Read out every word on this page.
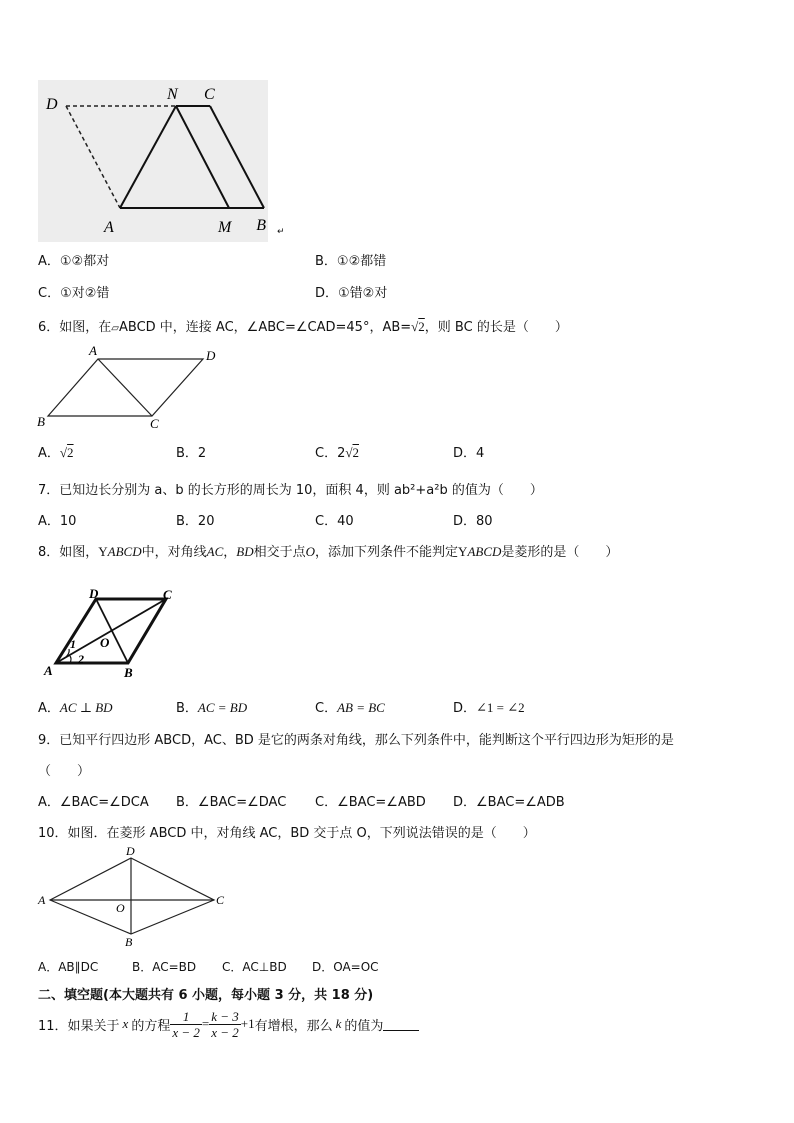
D
N C
A	M B ↵
A．①②都对	B．①②都错
C．①对②错	D．①错②对
6．如图，在▱ABCD 中，连接 AC，∠ABC=∠CAD=45°，AB=√2，则 BC 的长是（　　）
A	D
B	C
A．√2	B．2	C．2√2	D．4
7．已知边长分别为 a、b 的长方形的周长为 10，面积 4，则 ab²+a²b 的值为（　　）
A．10	B．20	C．40	D．80
8．如图，YABCD中，对角线AC，BD相交于点O，添加下列条件不能判定YABCD是菱形的是（　　）
D	C
O
1
2
A	B
A．AC ⊥ BD	B．AC = BD	C．AB = BC	D．∠1 = ∠2
9．已知平行四边形 ABCD，AC、BD 是它的两条对角线，那么下列条件中，能判断这个平行四边形为矩形的是
（　　）
A．∠BAC=∠DCA B．∠BAC=∠DAC C．∠BAC=∠ABD D．∠BAC=∠ADB
10．如图．在菱形 ABCD 中，对角线 AC，BD 交于点 O，下列说法错误的是（　　）
D
A
O
C
B
A．AB∥DC	B．AC=BD C．AC⊥BD D．OA=OC
二、填空题(本大题共有 6 小题，每小题 3 分，共 18 分)
11．如果关于 x 的方程 $\frac{1}{x - 2} = \frac{k - 3}{x - 2} +1$ 有增根，那么 k 的值为
